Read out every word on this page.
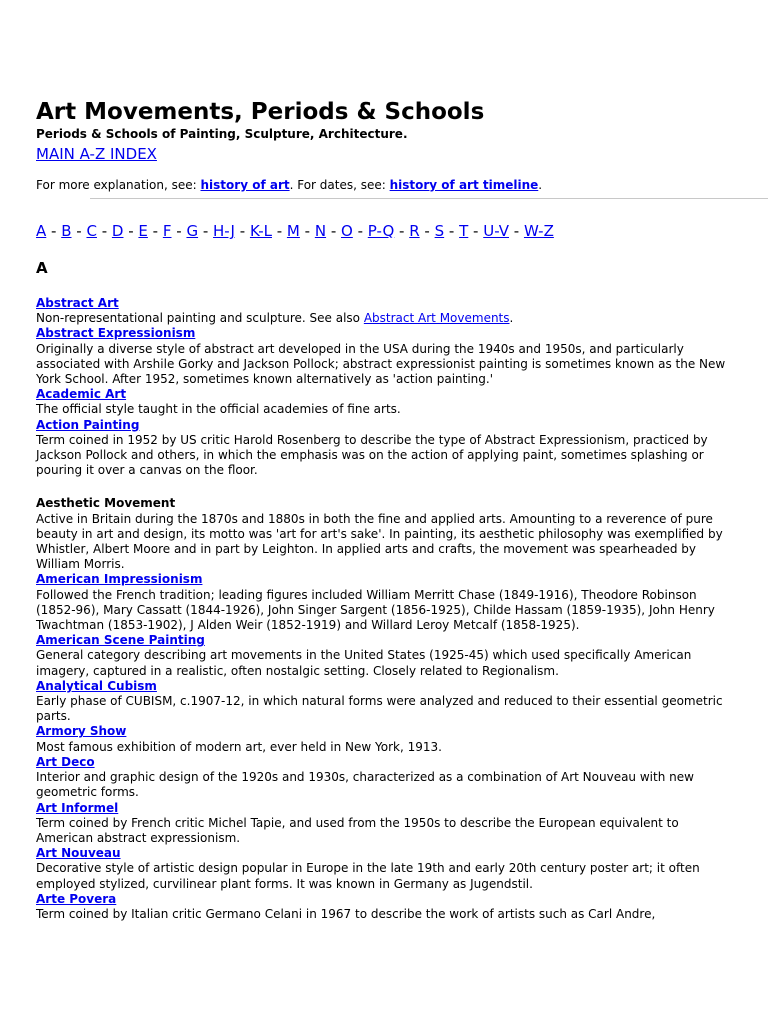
Art Movements, Periods & Schools

Periods & Schools of Painting, Sculpture, Architecture.

MAIN A-Z INDEX
For more explanation, see: history of art. For dates, see: history of art timeline.
A - B - C - D - E - F - G - H-J - K-L - M - N - O - P-Q - R - S - T - U-V - W-Z
A
Abstract Art
Non-representational painting and sculpture. See also Abstract Art Movements.
Abstract Expressionism
Originally a diverse style of abstract art developed in the USA during the 1940s and 1950s, and particularly associated with Arshile Gorky and Jackson Pollock; abstract expressionist painting is sometimes known as the New York School. After 1952, sometimes known alternatively as 'action painting.'
Academic Art
The official style taught in the official academies of fine arts.
Action Painting
Term coined in 1952 by US critic Harold Rosenberg to describe the type of Abstract Expressionism, practiced by Jackson Pollock and others, in which the emphasis was on the action of applying paint, sometimes splashing or pouring it over a canvas on the floor.
Aesthetic Movement
Active in Britain during the 1870s and 1880s in both the fine and applied arts. Amounting to a reverence of pure beauty in art and design, its motto was 'art for art's sake'. In painting, its aesthetic philosophy was exemplified by Whistler, Albert Moore and in part by Leighton. In applied arts and crafts, the movement was spearheaded by William Morris.
American Impressionism
Followed the French tradition; leading figures included William Merritt Chase (1849-1916), Theodore Robinson (1852-96), Mary Cassatt (1844-1926), John Singer Sargent (1856-1925), Childe Hassam (1859-1935), John Henry Twachtman (1853-1902), J Alden Weir (1852-1919) and Willard Leroy Metcalf (1858-1925).
American Scene Painting
General category describing art movements in the United States (1925-45) which used specifically American imagery, captured in a realistic, often nostalgic setting. Closely related to Regionalism.
Analytical Cubism
Early phase of CUBISM, c.1907-12, in which natural forms were analyzed and reduced to their essential geometric parts.
Armory Show
Most famous exhibition of modern art, ever held in New York, 1913.
Art Deco
Interior and graphic design of the 1920s and 1930s, characterized as a combination of Art Nouveau with new geometric forms.
Art Informel
Term coined by French critic Michel Tapie, and used from the 1950s to describe the European equivalent to American abstract expressionism.
Art Nouveau
Decorative style of artistic design popular in Europe in the late 19th and early 20th century poster art; it often employed stylized, curvilinear plant forms. It was known in Germany as Jugendstil.
Arte Povera
Term coined by Italian critic Germano Celani in 1967 to describe the work of artists such as Carl Andre,
